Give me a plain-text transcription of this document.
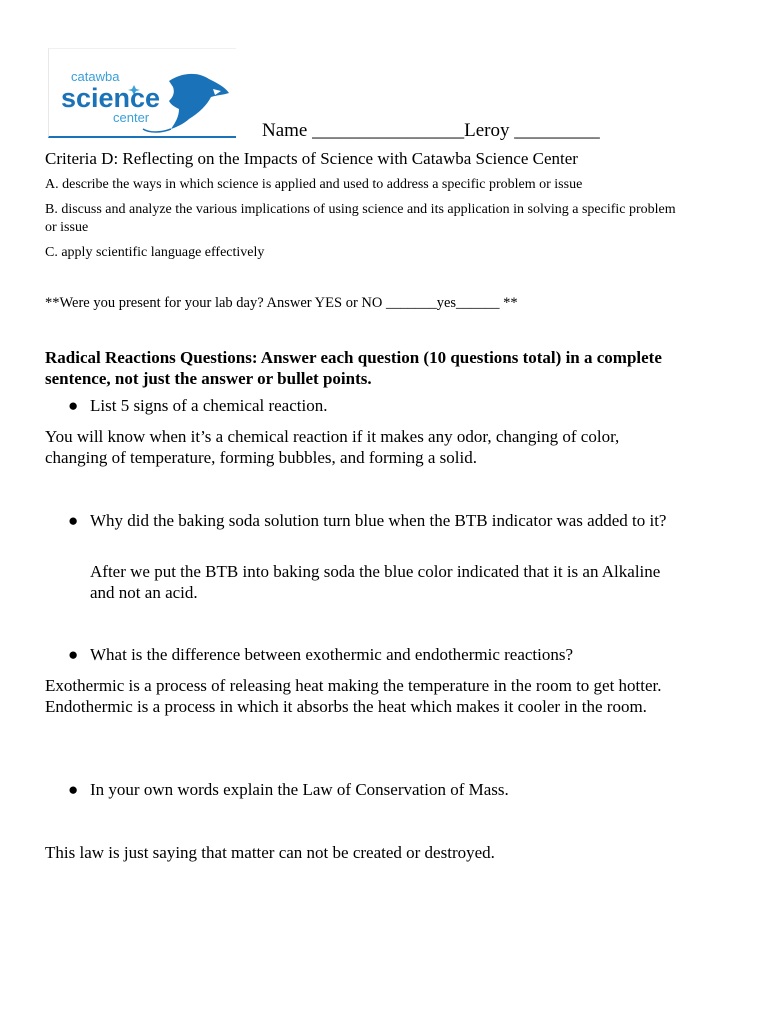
catawba
science
center
Name ________________Leroy _________
Criteria D: Reflecting on the Impacts of Science with Catawba Science Center
A. describe the ways in which science is applied and used to address a specific problem or issue
B. discuss and analyze the various implications of using science and its application in solving a specific problem or issue
C. apply scientific language effectively
**Were you present for your lab day? Answer YES or NO _______yes______ **
Radical Reactions Questions: Answer each question (10 questions total) in a complete sentence, not just the answer or bullet points.
● List 5 signs of a chemical reaction.
You will know when it’s a chemical reaction if it makes any odor, changing of color, changing of temperature, forming bubbles, and forming a solid.
● Why did the baking soda solution turn blue when the BTB indicator was added to it?
After we put the BTB into baking soda the blue color indicated that it is an Alkaline and not an acid.
● What is the difference between exothermic and endothermic reactions?
Exothermic is a process of releasing heat making the temperature in the room to get hotter. Endothermic is a process in which it absorbs the heat which makes it cooler in the room.
● In your own words explain the Law of Conservation of Mass.
This law is just saying that matter can not be created or destroyed.
